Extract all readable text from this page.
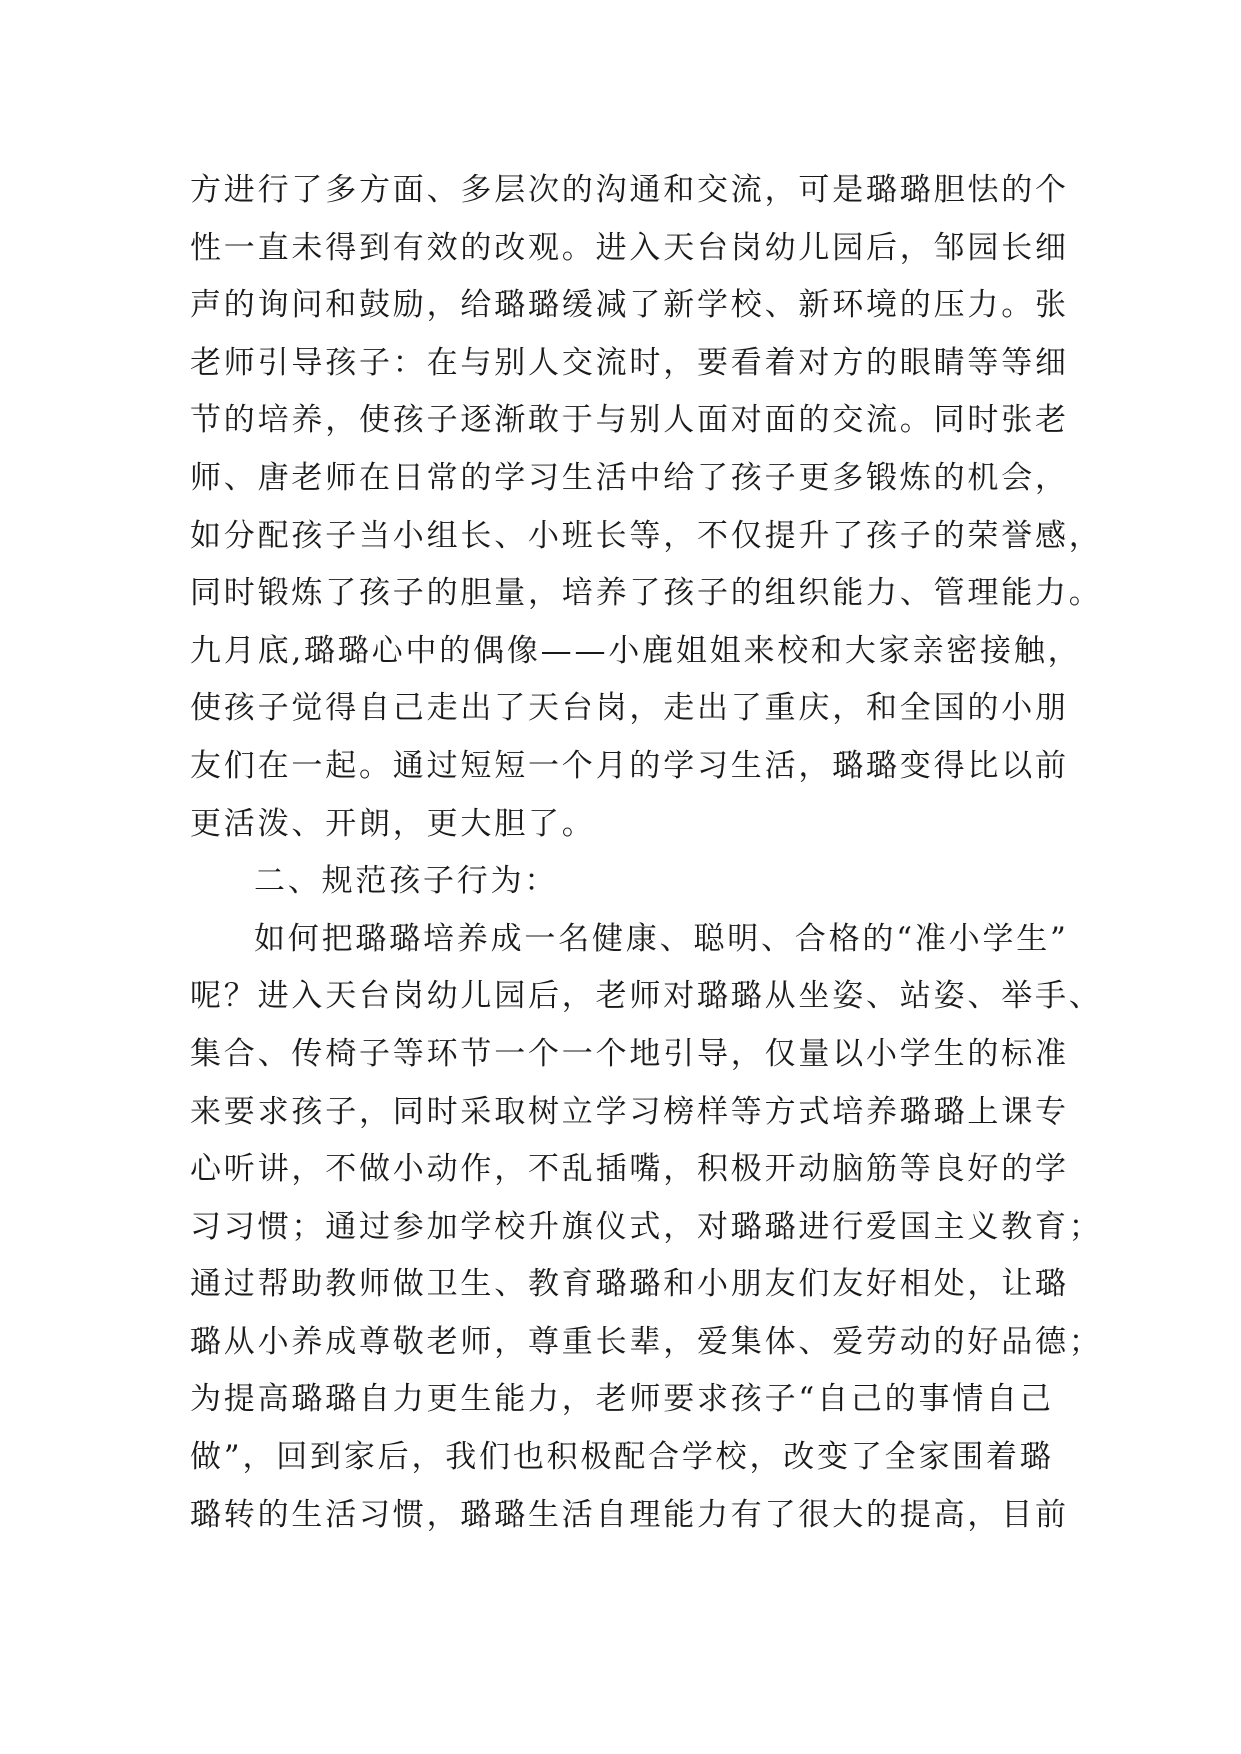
方进行了多方面、多层次的沟通和交流，可是璐璐胆怯的个
性一直未得到有效的改观。进入天台岗幼儿园后，邹园长细
声的询问和鼓励，给璐璐缓减了新学校、新环境的压力。张
老师引导孩子：在与别人交流时，要看着对方的眼睛等等细
节的培养，使孩子逐渐敢于与别人面对面的交流。同时张老
师、唐老师在日常的学习生活中给了孩子更多锻炼的机会，
如分配孩子当小组长、小班长等，不仅提升了孩子的荣誉感，
同时锻炼了孩子的胆量，培养了孩子的组织能力、管理能力。
九月底,璐璐心中的偶像——小鹿姐姐来校和大家亲密接触，
使孩子觉得自己走出了天台岗，走出了重庆，和全国的小朋
友们在一起。通过短短一个月的学习生活，璐璐变得比以前
更活泼、开朗，更大胆了。
二、规范孩子行为：
如何把璐璐培养成一名健康、聪明、合格的“准小学生”
呢？进入天台岗幼儿园后，老师对璐璐从坐姿、站姿、举手、
集合、传椅子等环节一个一个地引导，仅量以小学生的标准
来要求孩子，同时采取树立学习榜样等方式培养璐璐上课专
心听讲，不做小动作，不乱插嘴，积极开动脑筋等良好的学
习习惯；通过参加学校升旗仪式，对璐璐进行爱国主义教育；
通过帮助教师做卫生、教育璐璐和小朋友们友好相处，让璐
璐从小养成尊敬老师，尊重长辈，爱集体、爱劳动的好品德；
为提高璐璐自力更生能力，老师要求孩子“自己的事情自己
做”，回到家后，我们也积极配合学校，改变了全家围着璐
璐转的生活习惯，璐璐生活自理能力有了很大的提高，目前
